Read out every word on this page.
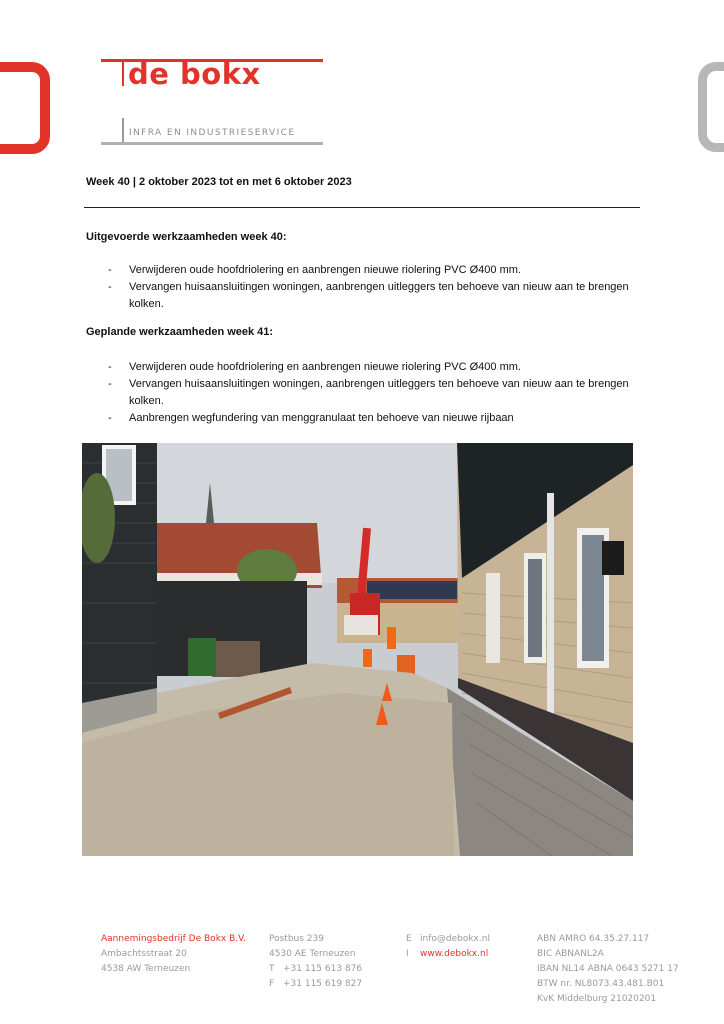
de bokx
INFRA EN INDUSTRIESERVICE
Week 40 | 2 oktober 2023 tot en met 6 oktober 2023
Uitgevoerde werkzaamheden week 40:
- Verwijderen oude hoofdriolering en aanbrengen nieuwe riolering PVC Ø400 mm.
- Vervangen huisaansluitingen woningen, aanbrengen uitleggers ten behoeve van nieuw aan te brengen kolken.
Geplande werkzaamheden week 41:
- Verwijderen oude hoofdriolering en aanbrengen nieuwe riolering PVC Ø400 mm.
- Vervangen huisaansluitingen woningen, aanbrengen uitleggers ten behoeve van nieuw aan te brengen kolken.
- Aanbrengen wegfundering van menggranulaat ten behoeve van nieuwe rijbaan
Aannemingsbedrijf De Bokx B.V.
Ambachtsstraat 20
4538 AW Terneuzen
Postbus 239
4530 AE Terneuzen
T +31 115 613 876
F +31 115 619 827
E info@debokx.nl
I www.debokx.nl
ABN AMRO 64.35.27.117
BIC ABNANL2A
IBAN NL14 ABNA 0643 5271 17
BTW nr. NL8073.43.481.B01
KvK Middelburg 21020201
